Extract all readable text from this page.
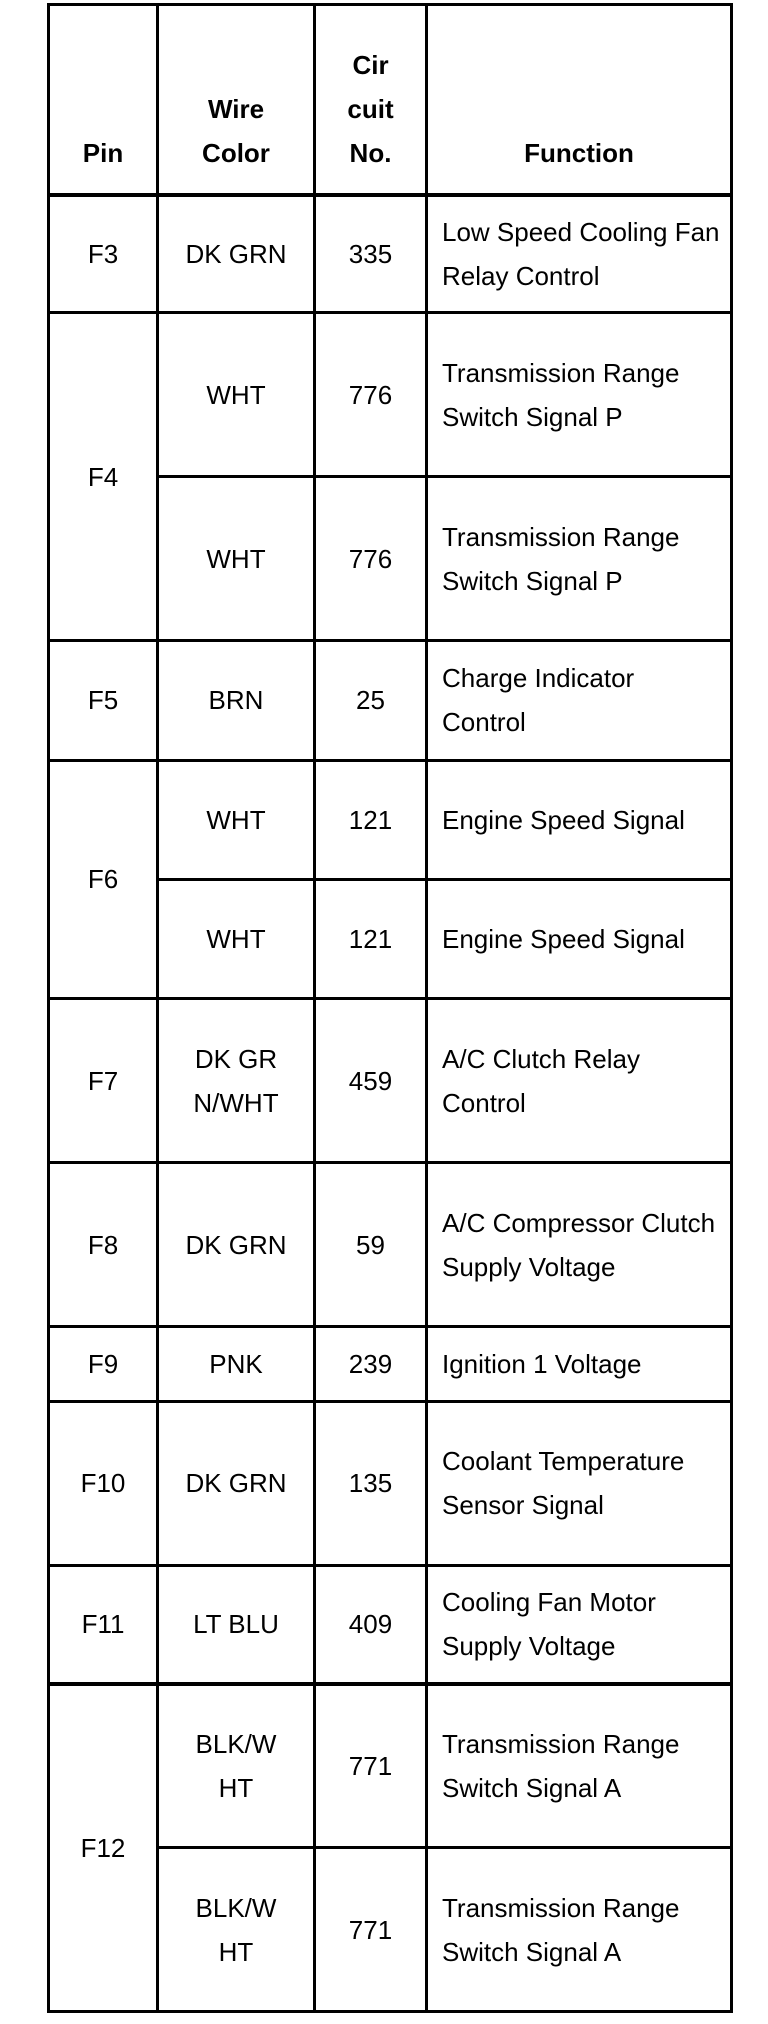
Pin	Wire Color	Cir cuit No.	Function
F3	DK GRN	335	Low Speed Cooling Fan Relay Control
F4	WHT	776	Transmission Range Switch Signal P
	WHT	776	Transmission Range Switch Signal P
F5	BRN	25	Charge Indicator Control
F6	WHT	121	Engine Speed Signal
	WHT	121	Engine Speed Signal
F7	DK GRN/WHT	459	A/C Clutch Relay Control
F8	DK GRN	59	A/C Compressor Clutch Supply Voltage
F9	PNK	239	Ignition 1 Voltage
F10	DK GRN	135	Coolant Temperature Sensor Signal
F11	LT BLU	409	Cooling Fan Motor Supply Voltage
F12	BLK/WHT	771	Transmission Range Switch Signal A

	BLK/WHT	771	Transmission Range Switch Signal A
